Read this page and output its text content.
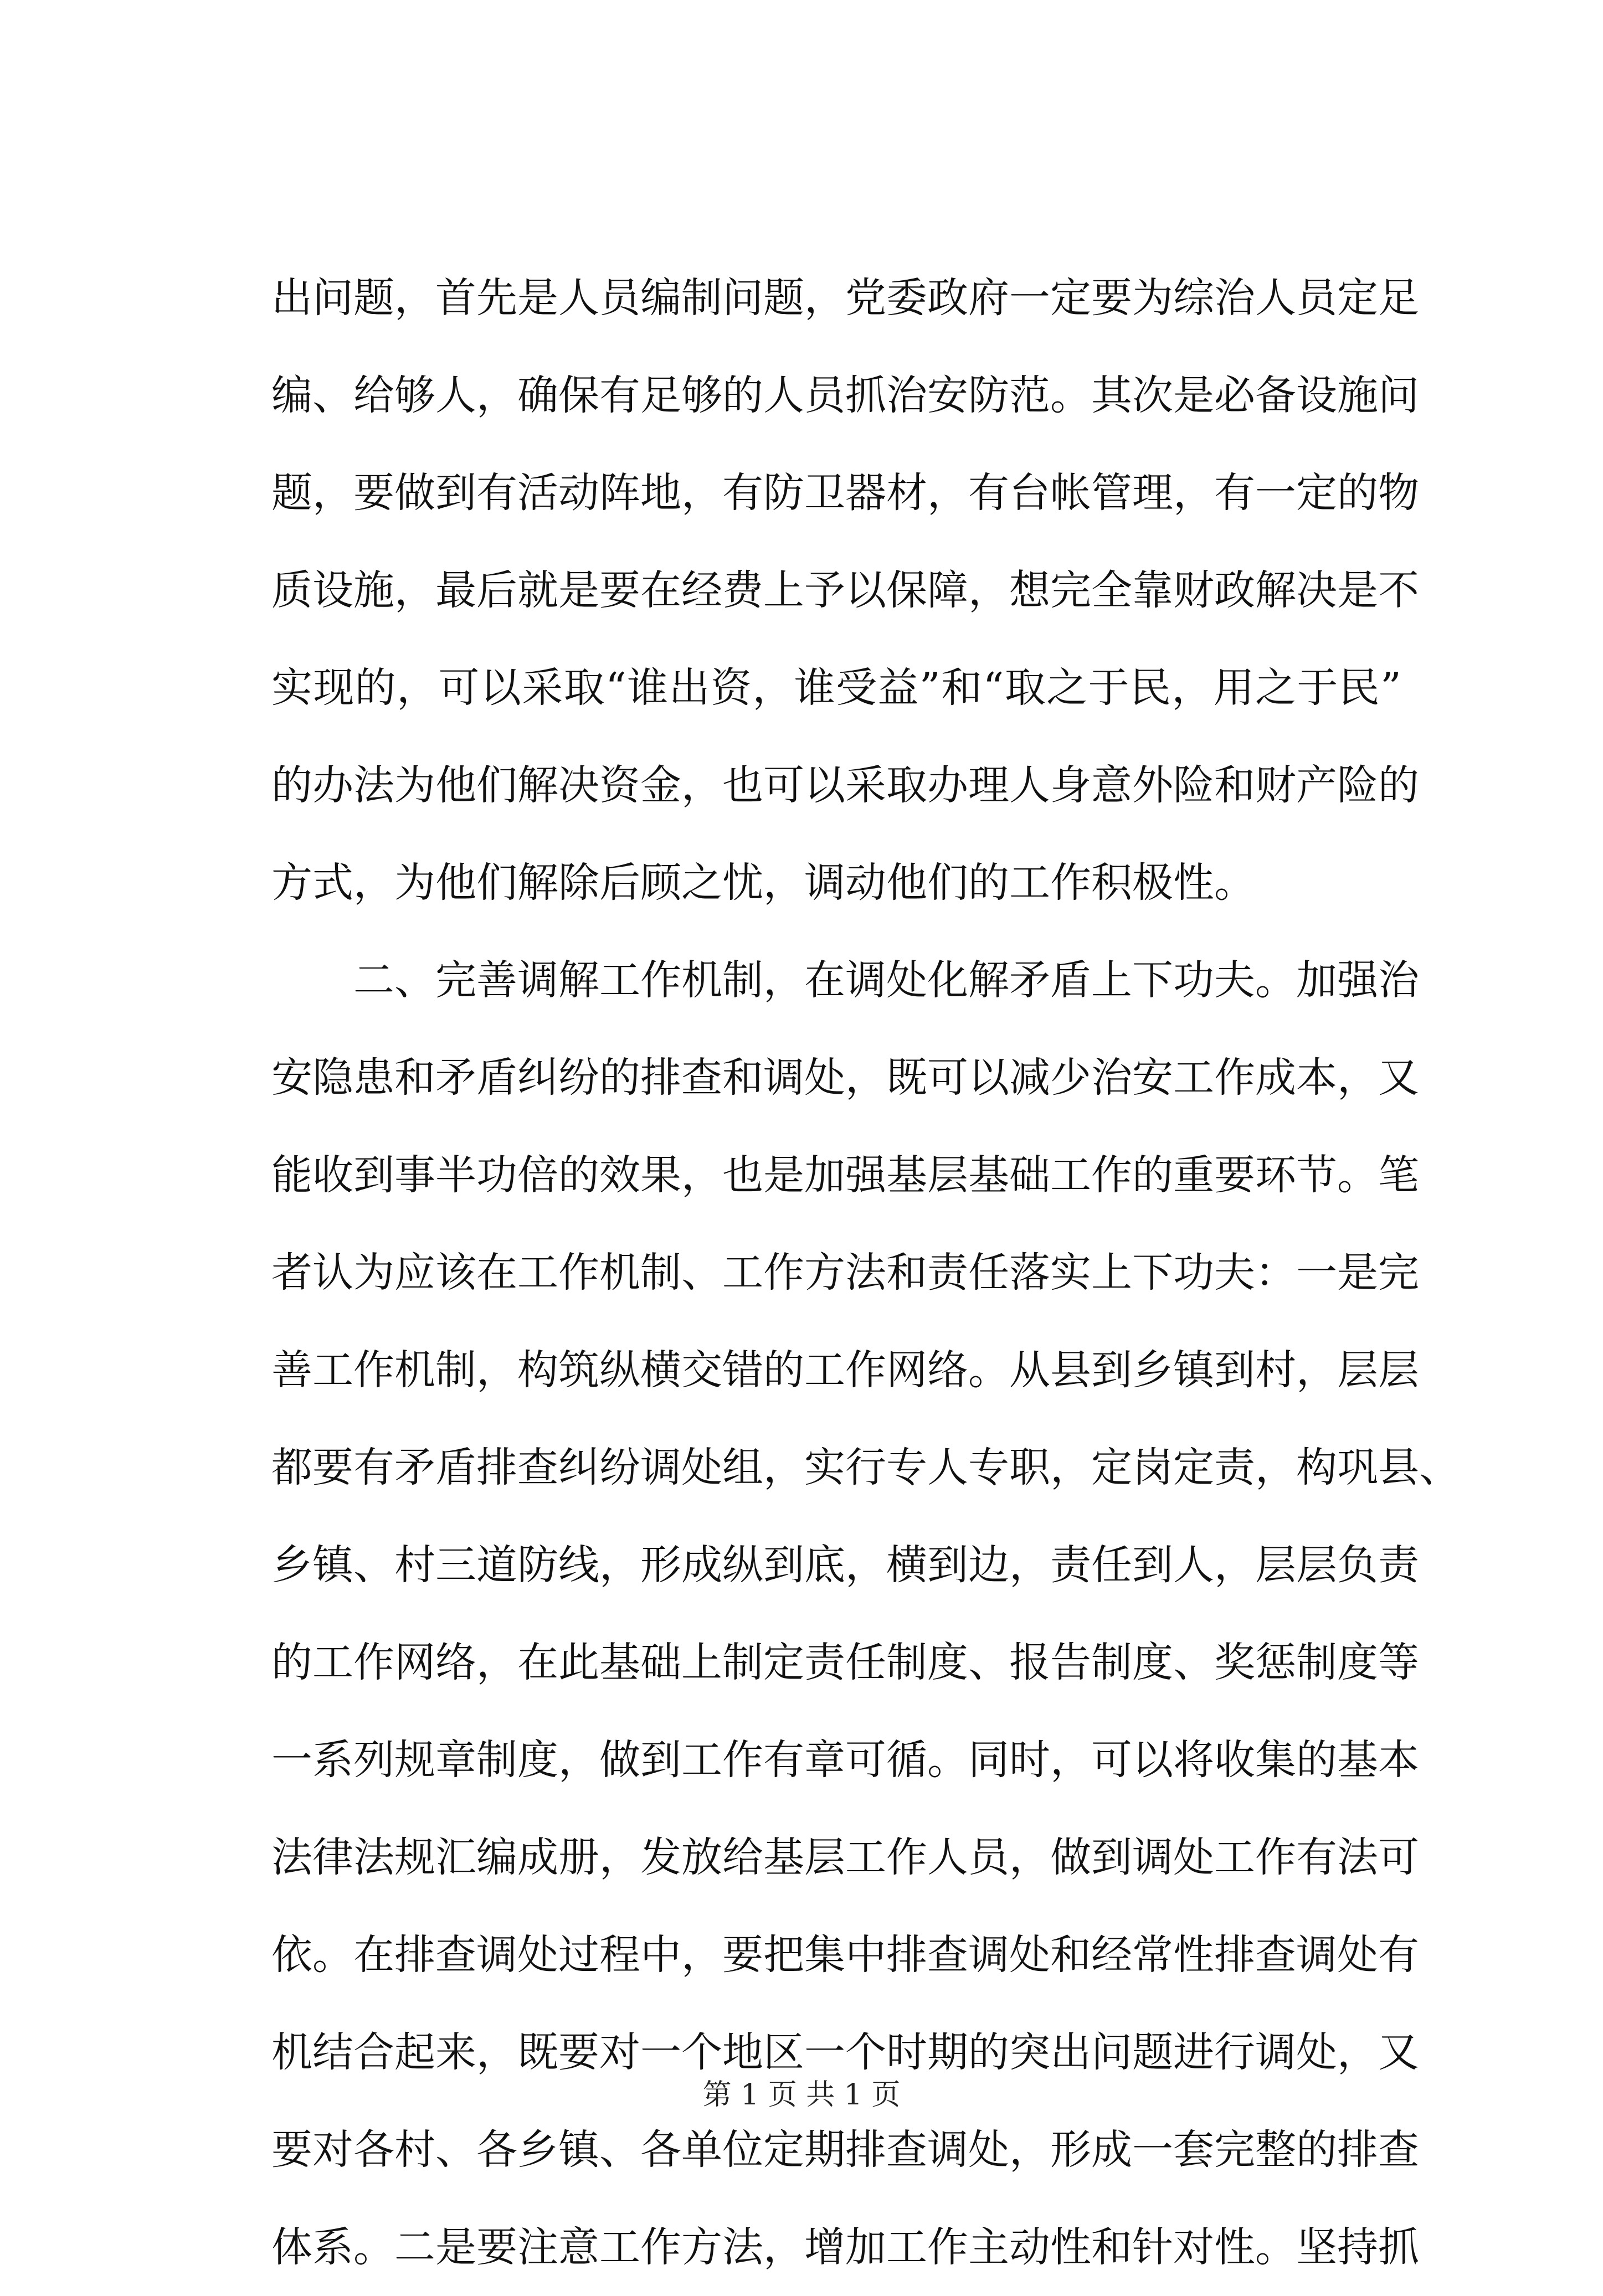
出问题，首先是人员编制问题，党委政府一定要为综治人员定足
编、给够人，确保有足够的人员抓治安防范。其次是必备设施问
题，要做到有活动阵地，有防卫器材，有台帐管理，有一定的物
质设施，最后就是要在经费上予以保障，想完全靠财政解决是不
实现的，可以采取“谁出资，谁受益”和“取之于民，用之于民”
的办法为他们解决资金，也可以采取办理人身意外险和财产险的
方式，为他们解除后顾之忧，调动他们的工作积极性。
　　二、完善调解工作机制，在调处化解矛盾上下功夫。加强治
安隐患和矛盾纠纷的排查和调处，既可以减少治安工作成本，又
能收到事半功倍的效果，也是加强基层基础工作的重要环节。笔
者认为应该在工作机制、工作方法和责任落实上下功夫：一是完
善工作机制，构筑纵横交错的工作网络。从县到乡镇到村，层层
都要有矛盾排查纠纷调处组，实行专人专职，定岗定责，构巩县、
乡镇、村三道防线，形成纵到底，横到边，责任到人，层层负责
的工作网络，在此基础上制定责任制度、报告制度、奖惩制度等
一系列规章制度，做到工作有章可循。同时，可以将收集的基本
法律法规汇编成册，发放给基层工作人员，做到调处工作有法可
依。在排查调处过程中，要把集中排查调处和经常性排查调处有
机结合起来，既要对一个地区一个时期的突出问题进行调处，又
要对各村、各乡镇、各单位定期排查调处，形成一套完整的排查
体系。二是要注意工作方法，增加工作主动性和针对性。坚持抓
第 1 页 共 1 页
